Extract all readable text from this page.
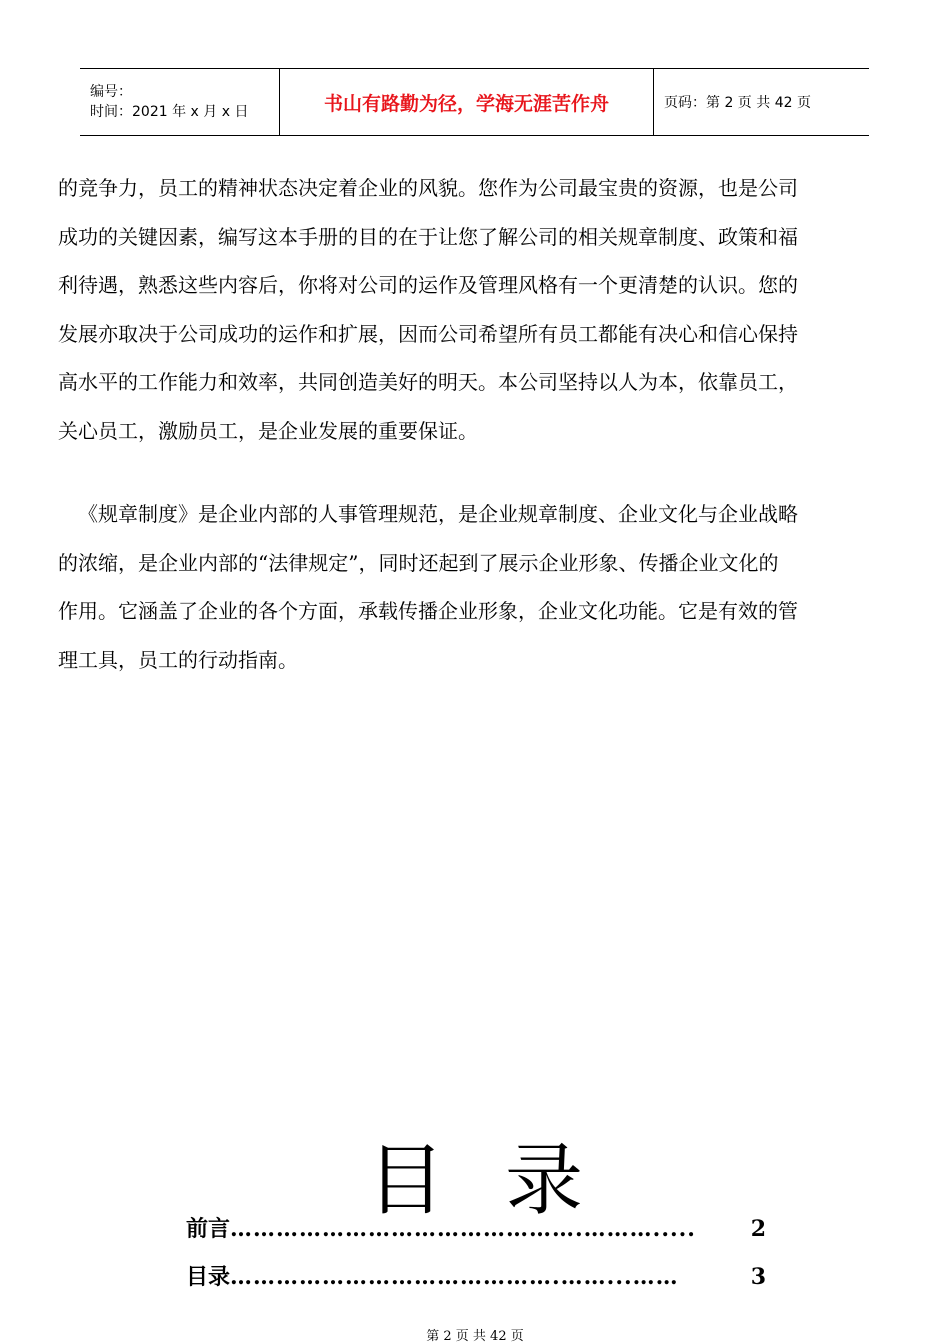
编号：
时间：2021 年 x 月 x 日	书山有路勤为径，学海无涯苦作舟	页码：第 2 页 共 42 页

的竞争力，员工的精神状态决定着企业的风貌。您作为公司最宝贵的资源，也是公司

成功的关键因素，编写这本手册的目的在于让您了解公司的相关规章制度、政策和福

利待遇，熟悉这些内容后，你将对公司的运作及管理风格有一个更清楚的认识。您的

发展亦取决于公司成功的运作和扩展，因而公司希望所有员工都能有决心和信心保持

高水平的工作能力和效率，共同创造美好的明天。本公司坚持以人为本，依靠员工，

关心员工，激励员工，是企业发展的重要保证。

《规章制度》是企业内部的人事管理规范，是企业规章制度、企业文化与企业战略

的浓缩，是企业内部的“法律规定”，同时还起到了展示企业形象、传播企业文化的

作用。它涵盖了企业的各个方面，承载传播企业形象，企业文化功能。它是有效的管

理工具，员工的行动指南。

目录
前言 ……………………………………….……….....	2
目录 …………………………………….……...……	3
第 2 页 共 42 页
